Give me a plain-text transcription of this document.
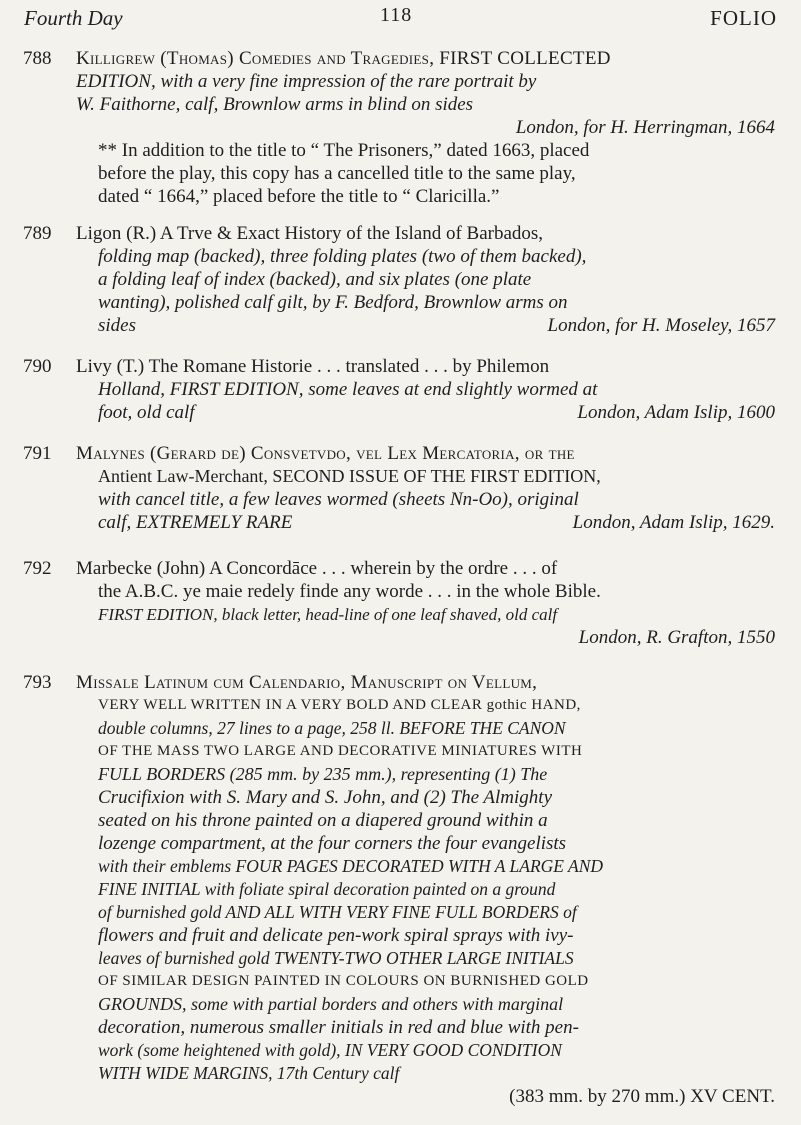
Fourth Day	118	FOLIO
788 Killigrew (Thomas) Comedies and Tragedies, FIRST COLLECTED
EDITION, with a very fine impression of the rare portrait by
W. Faithorne, calf, Brownlow arms in blind on sides
London, for H. Herringman, 1664
** In addition to the title to “ The Prisoners,” dated 1663, placed
before the play, this copy has a cancelled title to the same play,
dated “ 1664,” placed before the title to “ Claricilla.”
789 Ligon (R.) A Trve & Exact History of the Island of Barbados,
folding map (backed), three folding plates (two of them backed),
a folding leaf of index (backed), and six plates (one plate
wanting), polished calf gilt, by F. Bedford, Brownlow arms on
sides	London, for H. Moseley, 1657
790 Livy (T.) The Romane Historie . . . translated . . . by Philemon
Holland, FIRST EDITION, some leaves at end slightly wormed at
foot, old calf	London, Adam Islip, 1600
791 Malynes (Gerard de) Consvetvdo, vel Lex Mercatoria, or the
Antient Law-Merchant, SECOND ISSUE OF THE FIRST EDITION,
with cancel title, a few leaves wormed (sheets Nn-Oo), original
calf, EXTREMELY RARE	London, Adam Islip, 1629.
792 Marbecke (John) A Concordāce . . . wherein by the ordre . . . of
the A.B.C. ye maie redely finde any worde . . . in the whole Bible.
FIRST EDITION, black letter, head-line of one leaf shaved, old calf
London, R. Grafton, 1550
793 Missale Latinum cum Calendario, Manuscript on Vellum,
VERY WELL WRITTEN IN A VERY BOLD AND CLEAR gothic HAND,
double columns, 27 lines to a page, 258 ll. BEFORE THE CANON
OF THE MASS TWO LARGE AND DECORATIVE MINIATURES WITH
FULL BORDERS (285 mm. by 235 mm.), representing (1) The
Crucifixion with S. Mary and S. John, and (2) The Almighty
seated on his throne painted on a diapered ground within a
lozenge compartment, at the four corners the four evangelists
with their emblems FOUR PAGES DECORATED WITH A LARGE AND
FINE INITIAL with foliate spiral decoration painted on a ground
of burnished gold AND ALL WITH VERY FINE FULL BORDERS of
flowers and fruit and delicate pen-work spiral sprays with ivy-
leaves of burnished gold TWENTY-TWO OTHER LARGE INITIALS
OF SIMILAR DESIGN PAINTED IN COLOURS ON BURNISHED GOLD
GROUNDS, some with partial borders and others with marginal
decoration, numerous smaller initials in red and blue with pen-
work (some heightened with gold), IN VERY GOOD CONDITION
WITH WIDE MARGINS, 17th Century calf
(383 mm. by 270 mm.) XV CENT.
